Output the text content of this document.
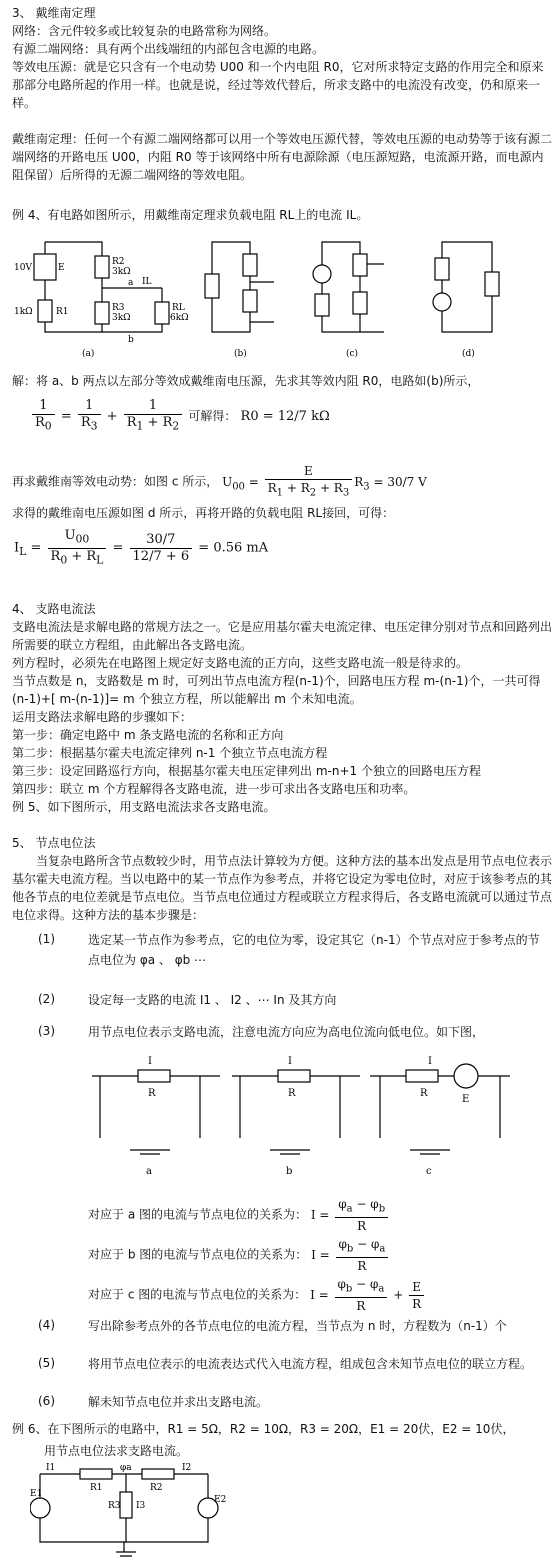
3、 戴维南定理
网络：含元件较多或比较复杂的电路常称为网络。
有源二端网络：具有两个出线端纽的内部包含电源的电路。
等效电压源：就是它只含有一个电动势 U00 和一个内电阻 R0，它对所求特定支路的作用完全和原来那部分电路所起的作用一样。也就是说，经过等效代替后，所求支路中的电流没有改变，仍和原来一样。
戴维南定理：任何一个有源二端网络都可以用一个等效电压源代替，等效电压源的电动势等于该有源二端网络的开路电压 U00，内阻 R0 等于该网络中所有电源除源（电压源短路，电流源开路，而电源内阻保留）后所得的无源二端网络的等效电阻。
例 4、有电路如图所示，用戴维南定理求负载电阻 RL上的电流 IL。
10V	E
1kΩ	R1
R2
3kΩ
R3
3kΩ
RL
6kΩ
IL
a
b
(a)	(b)	(c)	(d)
解：将 a、b 两点以左部分等效成戴维南电压源，先求其等效内阻 R0，电路如(b)所示，
$\frac{1}{R_0} = \frac{1}{R_3} + \frac{1}{R_1 + R_2}$ 可解得： R0 = 12/7 kΩ
再求戴维南等效电动势：如图 c 所示， $U_{00} = \frac{E}{R_1 + R_2 + R_3} R_3 = 30/7$ V
求得的戴维南电压源如图 d 所示，再将开路的负载电阻 RL接回，可得：
$I_L = \frac{U_{00}}{R_0 + R_L} = \frac{30/7}{12/7 + 6} = 0.56$ mA
4、 支路电流法
支路电流法是求解电路的常规方法之一。它是应用基尔霍夫电流定律、电压定律分别对节点和回路列出所需要的联立方程组，由此解出各支路电流。
列方程时，必须先在电路图上规定好支路电流的正方向，这些支路电流一般是待求的。
当节点数是 n，支路数是 m 时，可列出节点电流方程(n-1)个，回路电压方程 m-(n-1)个，一共可得(n-1)+[ m-(n-1)]= m 个独立方程，所以能解出 m 个未知电流。
运用支路法求解电路的步骤如下：
第一步：确定电路中 m 条支路电流的名称和正方向
第二步：根据基尔霍夫电流定律列 n-1 个独立节点电流方程
第三步：设定回路巡行方向，根据基尔霍夫电压定律列出 m-n+1 个独立的回路电压方程
第四步：联立 m 个方程解得各支路电流，进一步可求出各支路电压和功率。
例 5、如下图所示，用支路电流法求各支路电流。
5、 节点电位法
当复杂电路所含节点数较少时，用节点法计算较为方便。这种方法的基本出发点是用节点电位表示基尔霍夫电流方程。当以电路中的某一节点作为参考点，并将它设定为零电位时，对应于该参考点的其他各节点的电位差就是节点电位。当节点电位通过方程或联立方程求得后，各支路电流就可以通过节点电位求得。这种方法的基本步骤是：
(1)	选定某一节点作为参考点，它的电位为零，设定其它（n-1）个节点对应于参考点的节点电位为 φa 、 φb ⋯
(2)	设定每一支路的电流 I1 、 I2 、⋯ In 及其方向
(3)	用节点电位表示支路电流，注意电流方向应为高电位流向低电位。如下图，
I
R
I
R
I
R
E
a	b	c
对应于 a 图的电流与节点电位的关系为： $I = \frac{\varphi_a - \varphi_b}{R}$
对应于 b 图的电流与节点电位的关系为： $I = \frac{\varphi_b - \varphi_a}{R}$
对应于 c 图的电流与节点电位的关系为： $I = \frac{\varphi_b - \varphi_a}{R} + \frac{E}{R}$
(4)	写出除参考点外的各节点电位的电流方程，当节点为 n 时，方程数为（n-1）个
(5)	将用节点电位表示的电流表达式代入电流方程，组成包含未知节点电位的联立方程。
(6)	解未知节点电位并求出支路电流。
例 6、在下图所示的电路中，R1 = 5Ω，R2 = 10Ω，R3 = 20Ω，E1 = 20伏，E2 = 10伏，
用节点电位法求支路电流。
I1
R1
φa	I2
R2
R3 I3
E1
E2
